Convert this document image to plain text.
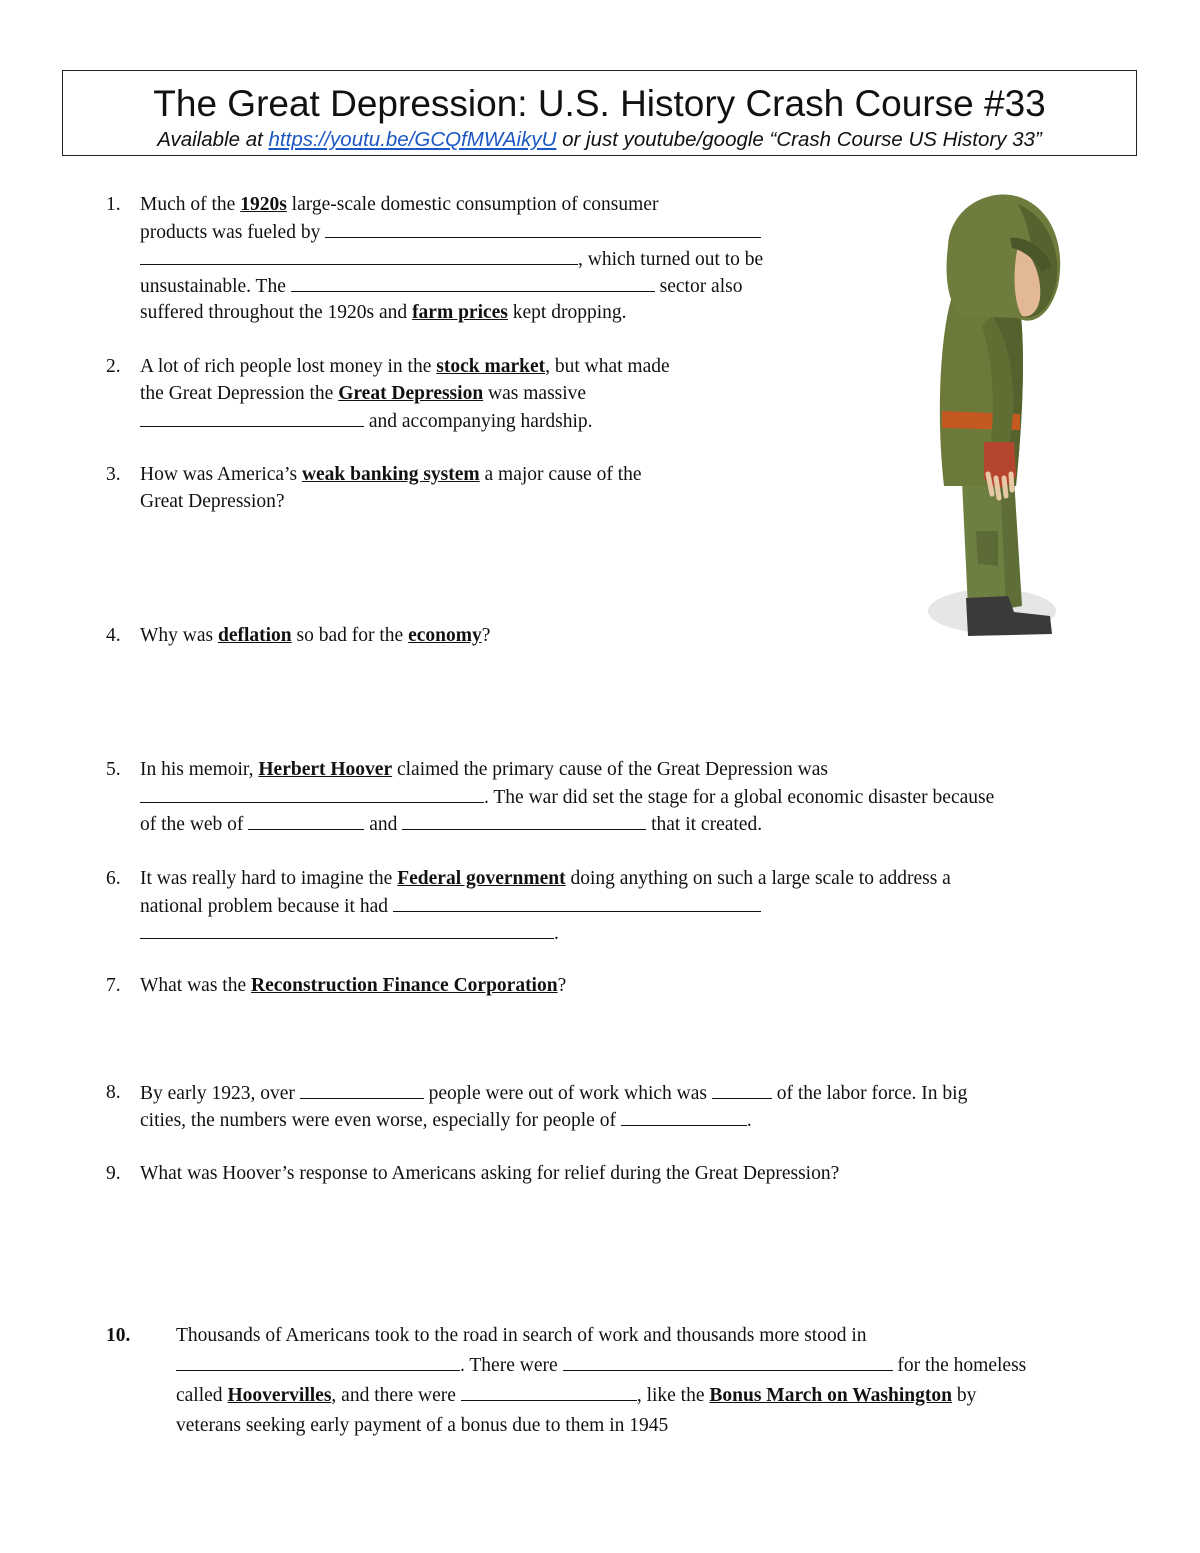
The Great Depression: U.S. History Crash Course #33
Available at https://youtu.be/GCQfMWAikyU or just youtube/google “Crash Course US History 33”
1. Much of the 1920s large-scale domestic consumption of consumer
products was fueled by
, which turned out to be
unsustainable. The	sector also
suffered throughout the 1920s and farm prices kept dropping.
2. A lot of rich people lost money in the stock market, but what made
the Great Depression the Great Depression was massive
and accompanying hardship.
3. How was America’s weak banking system a major cause of the
Great Depression?
4. Why was deflation so bad for the economy?
5. In his memoir, Herbert Hoover claimed the primary cause of the Great Depression was
. The war did set the stage for a global economic disaster because
of the web of	and	that it created.
6. It was really hard to imagine the Federal government doing anything on such a large scale to address a
national problem because it had
.
7. What was the Reconstruction Finance Corporation?
8. By early 1923, over	people were out of work which was	of the labor force. In big
cities, the numbers were even worse, especially for people of	.
9. What was Hoover’s response to Americans asking for relief during the Great Depression?
10. Thousands of Americans took to the road in search of work and thousands more stood in
. There were	for the homeless
called Hoovervilles, and there were	, like the Bonus March on Washington by
veterans seeking early payment of a bonus due to them in 1945
